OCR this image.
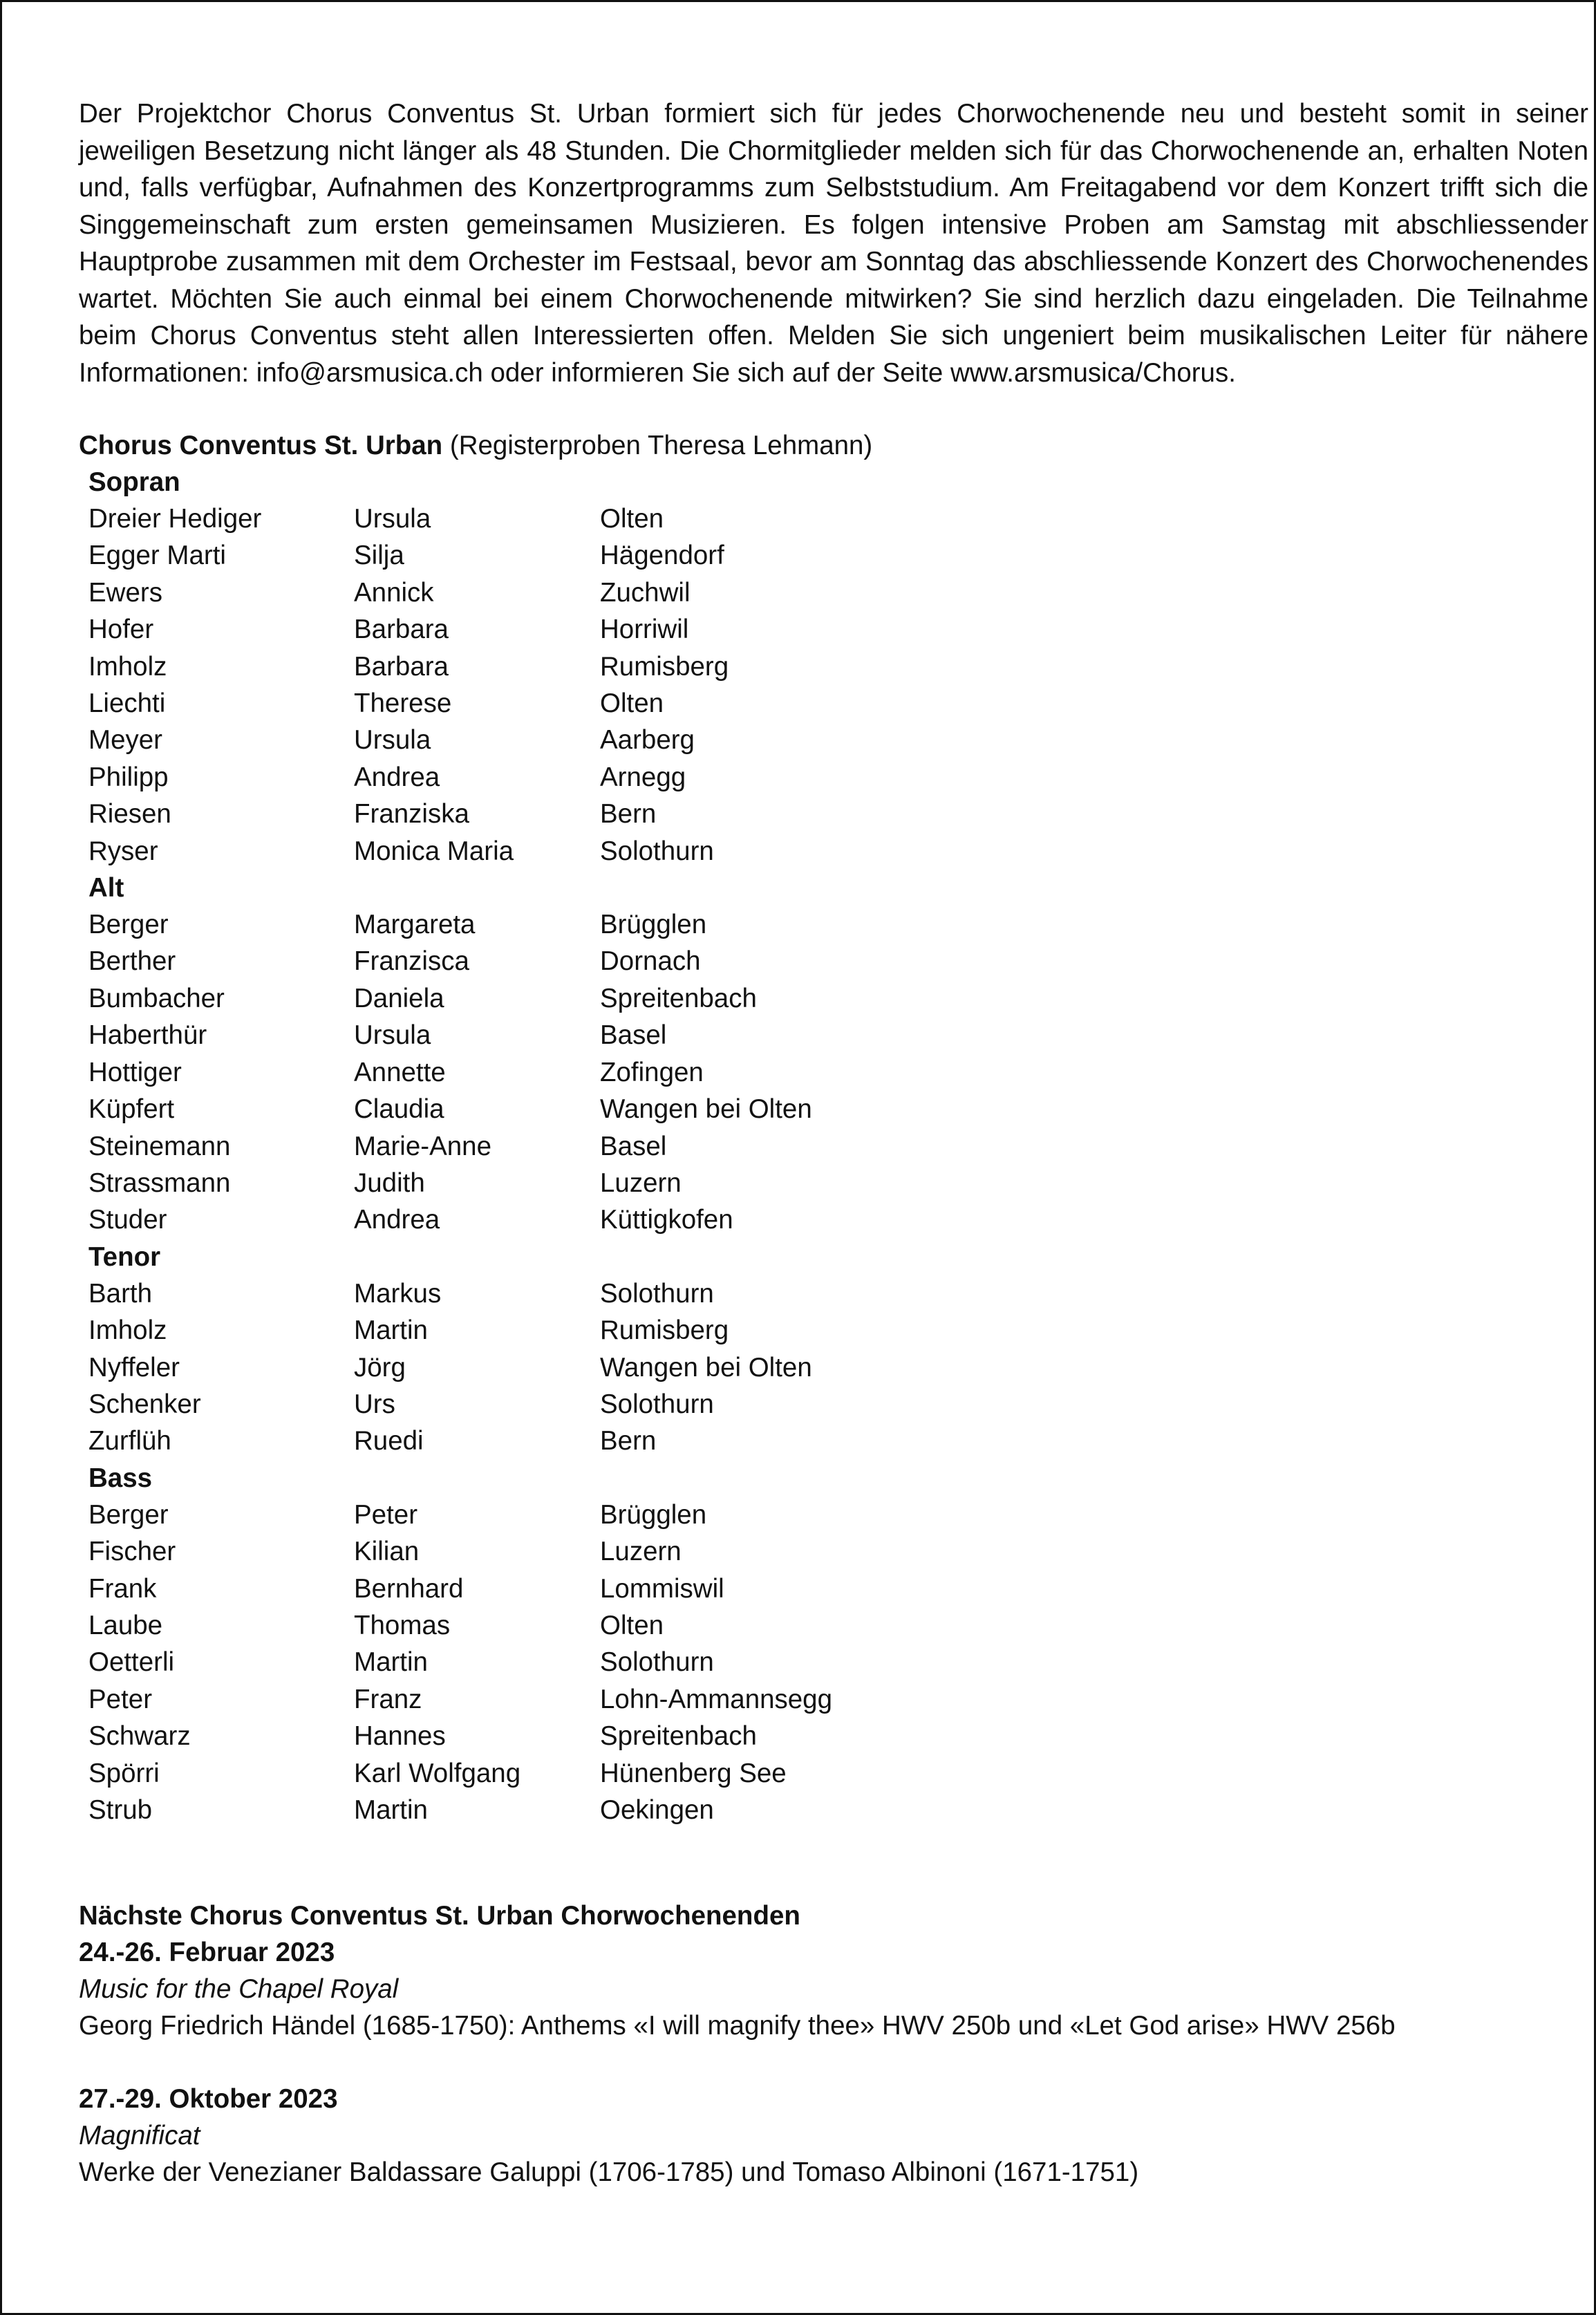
Der Projektchor Chorus Conventus St. Urban formiert sich für jedes Chorwochenende neu und besteht somit in seiner jeweiligen Besetzung nicht länger als 48 Stunden. Die Chormitglieder melden sich für das Chorwochenende an, erhalten Noten und, falls verfügbar, Aufnahmen des Konzertprogramms zum Selbststudium. Am Freitagabend vor dem Konzert trifft sich die Singgemeinschaft zum ersten gemeinsamen Musizieren. Es folgen intensive Proben am Samstag mit abschliessender Hauptprobe zusammen mit dem Orchester im Festsaal, bevor am Sonntag das abschliessende Konzert des Chorwochenendes wartet. Möchten Sie auch einmal bei einem Chorwochenende mitwirken? Sie sind herzlich dazu eingeladen. Die Teilnahme beim Chorus Conventus steht allen Interessierten offen. Melden Sie sich ungeniert beim musikalischen Leiter für nähere Informationen: info@arsmusica.ch oder informieren Sie sich auf der Seite www.arsmusica/Chorus.

Chorus Conventus St. Urban (Registerproben Theresa Lehmann)
Sopran
Dreier Hediger	Ursula	Olten
Egger Marti	Silja	Hägendorf
Ewers	Annick	Zuchwil
Hofer	Barbara	Horriwil
Imholz	Barbara	Rumisberg
Liechti	Therese	Olten
Meyer	Ursula	Aarberg
Philipp	Andrea	Arnegg
Riesen	Franziska	Bern
Ryser	Monica Maria	Solothurn
Alt
Berger	Margareta	Brügglen
Berther	Franzisca	Dornach
Bumbacher	Daniela	Spreitenbach
Haberthür	Ursula	Basel
Hottiger	Annette	Zofingen
Küpfert	Claudia	Wangen bei Olten
Steinemann	Marie-Anne	Basel
Strassmann	Judith	Luzern
Studer	Andrea	Küttigkofen
Tenor
Barth	Markus	Solothurn
Imholz	Martin	Rumisberg
Nyffeler	Jörg	Wangen bei Olten
Schenker	Urs	Solothurn
Zurflüh	Ruedi	Bern
Bass
Berger	Peter	Brügglen
Fischer	Kilian	Luzern
Frank	Bernhard	Lommiswil
Laube	Thomas	Olten
Oetterli	Martin	Solothurn
Peter	Franz	Lohn-Ammannsegg
Schwarz	Hannes	Spreitenbach
Spörri	Karl Wolfgang	Hünenberg See
Strub	Martin	Oekingen
Nächste Chorus Conventus St. Urban Chorwochenenden
24.-26. Februar 2023
Music for the Chapel Royal
Georg Friedrich Händel (1685-1750): Anthems «I will magnify thee» HWV 250b und «Let God arise» HWV 256b
27.-29. Oktober 2023
Magnificat
Werke der Venezianer Baldassare Galuppi (1706-1785) und Tomaso Albinoni (1671-1751)
